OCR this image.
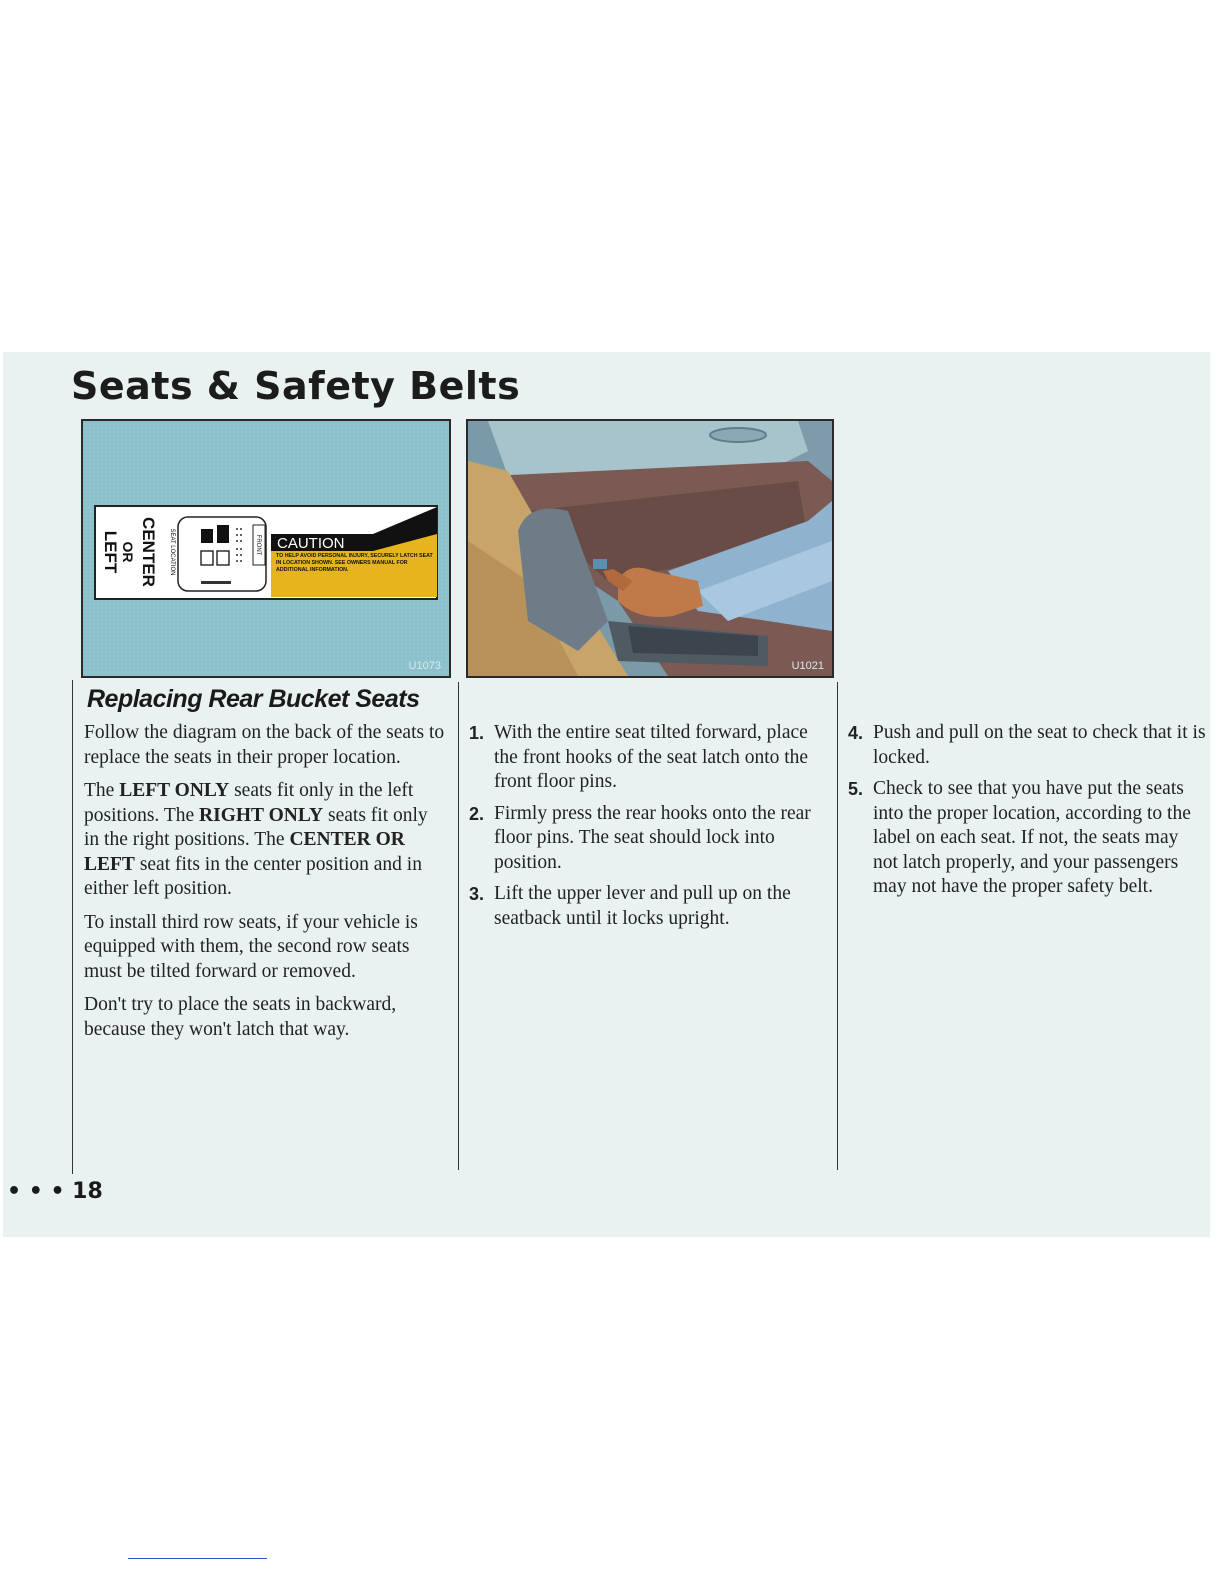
Seats & Safety Belts
LEFT OR CENTER SEAT LOCATION	FRONT CAUTION
TO HELP AVOID PERSONAL INJURY, SECURELY LATCH SEAT IN LOCATION SHOWN. SEE OWNERS MANUAL FOR ADDITIONAL INFORMATION.
U1073	U1021
Replacing Rear Bucket Seats

Follow the diagram on the back of the seats to replace the seats in their proper location.

The LEFT ONLY seats fit only in the left positions. The RIGHT ONLY seats fit only in the right positions. The CENTER OR LEFT seat fits in the center position and in either left position.

To install third row seats, if your vehicle is equipped with them, the second row seats must be tilted forward or removed.

Don't try to place the seats in backward, because they won't latch that way.

1. With the entire seat tilted forward, place the front hooks of the seat latch onto the front floor pins.
2. Firmly press the rear hooks onto the rear floor pins. The seat should lock into position.
3. Lift the upper lever and pull up on the seatback until it locks upright.
4. Push and pull on the seat to check that it is locked.
5. Check to see that you have put the seats into the proper location, according to the label on each seat. If not, the seats may not latch properly, and your passengers may not have the proper safety belt.
• • • 18
